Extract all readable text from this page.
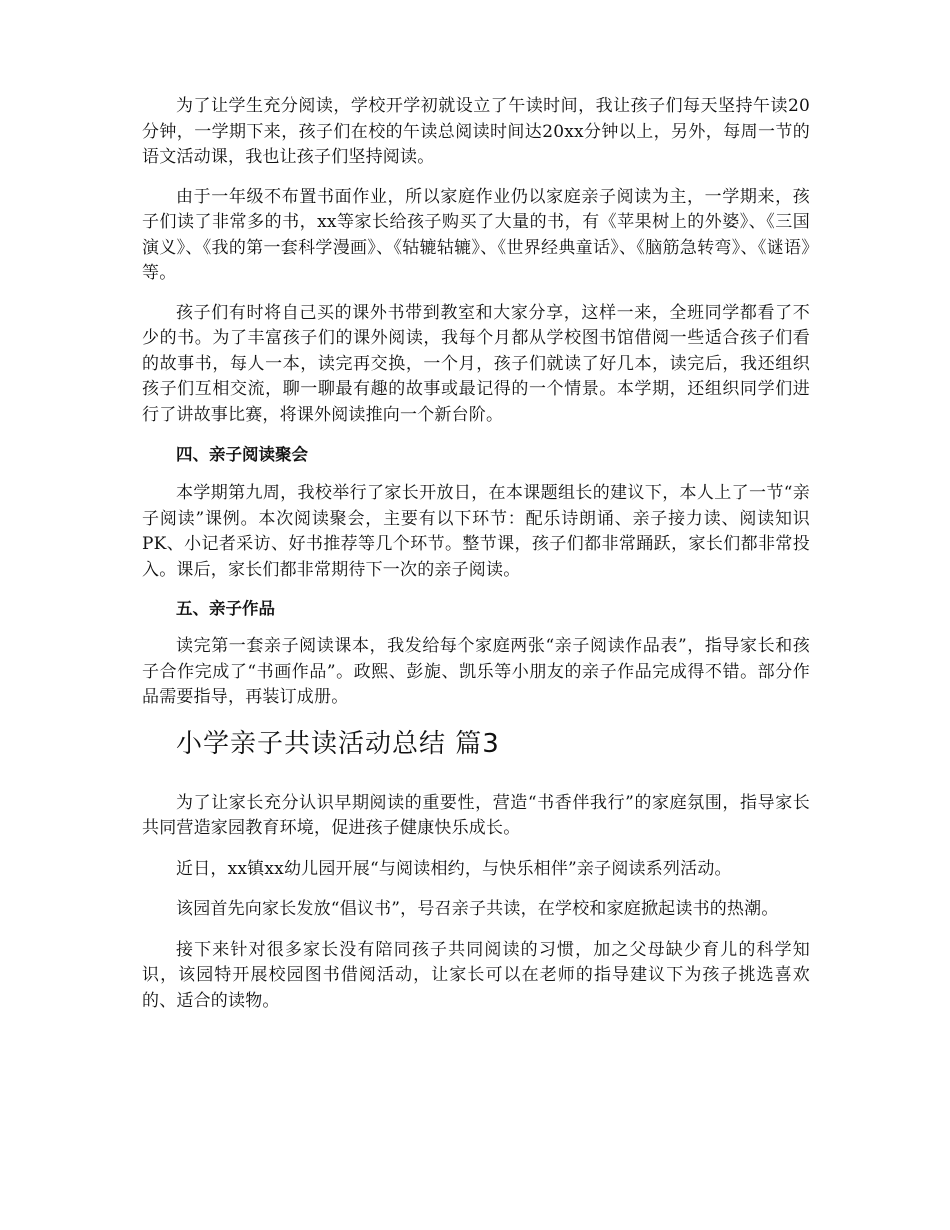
为了让学生充分阅读，学校开学初就设立了午读时间，我让孩子们每天坚持午读20分钟，一学期下来，孩子们在校的午读总阅读时间达20xx分钟以上，另外，每周一节的语文活动课，我也让孩子们坚持阅读。

由于一年级不布置书面作业，所以家庭作业仍以家庭亲子阅读为主，一学期来，孩子们读了非常多的书，xx等家长给孩子购买了大量的书，有《苹果树上的外婆》、《三国演义》、《我的第一套科学漫画》、《轱辘轱辘》、《世界经典童话》、《脑筋急转弯》、《谜语》等。

孩子们有时将自己买的课外书带到教室和大家分享，这样一来，全班同学都看了不少的书。为了丰富孩子们的课外阅读，我每个月都从学校图书馆借阅一些适合孩子们看的故事书，每人一本，读完再交换，一个月，孩子们就读了好几本，读完后，我还组织孩子们互相交流，聊一聊最有趣的故事或最记得的一个情景。本学期，还组织同学们进行了讲故事比赛，将课外阅读推向一个新台阶。

四、亲子阅读聚会

本学期第九周，我校举行了家长开放日，在本课题组长的建议下，本人上了一节“亲子阅读”课例。本次阅读聚会，主要有以下环节：配乐诗朗诵、亲子接力读、阅读知识PK、小记者采访、好书推荐等几个环节。整节课，孩子们都非常踊跃，家长们都非常投入。课后，家长们都非常期待下一次的亲子阅读。

五、亲子作品

读完第一套亲子阅读课本，我发给每个家庭两张“亲子阅读作品表”，指导家长和孩子合作完成了“书画作品”。政熙、彭旎、凯乐等小朋友的亲子作品完成得不错。部分作品需要指导，再装订成册。

小学亲子共读活动总结 篇3

为了让家长充分认识早期阅读的重要性，营造“书香伴我行”的家庭氛围，指导家长共同营造家园教育环境，促进孩子健康快乐成长。

近日，xx镇xx幼儿园开展“与阅读相约，与快乐相伴”亲子阅读系列活动。

该园首先向家长发放“倡议书”，号召亲子共读，在学校和家庭掀起读书的热潮。

接下来针对很多家长没有陪同孩子共同阅读的习惯，加之父母缺少育儿的科学知识，该园特开展校园图书借阅活动，让家长可以在老师的指导建议下为孩子挑选喜欢的、适合的读物。
